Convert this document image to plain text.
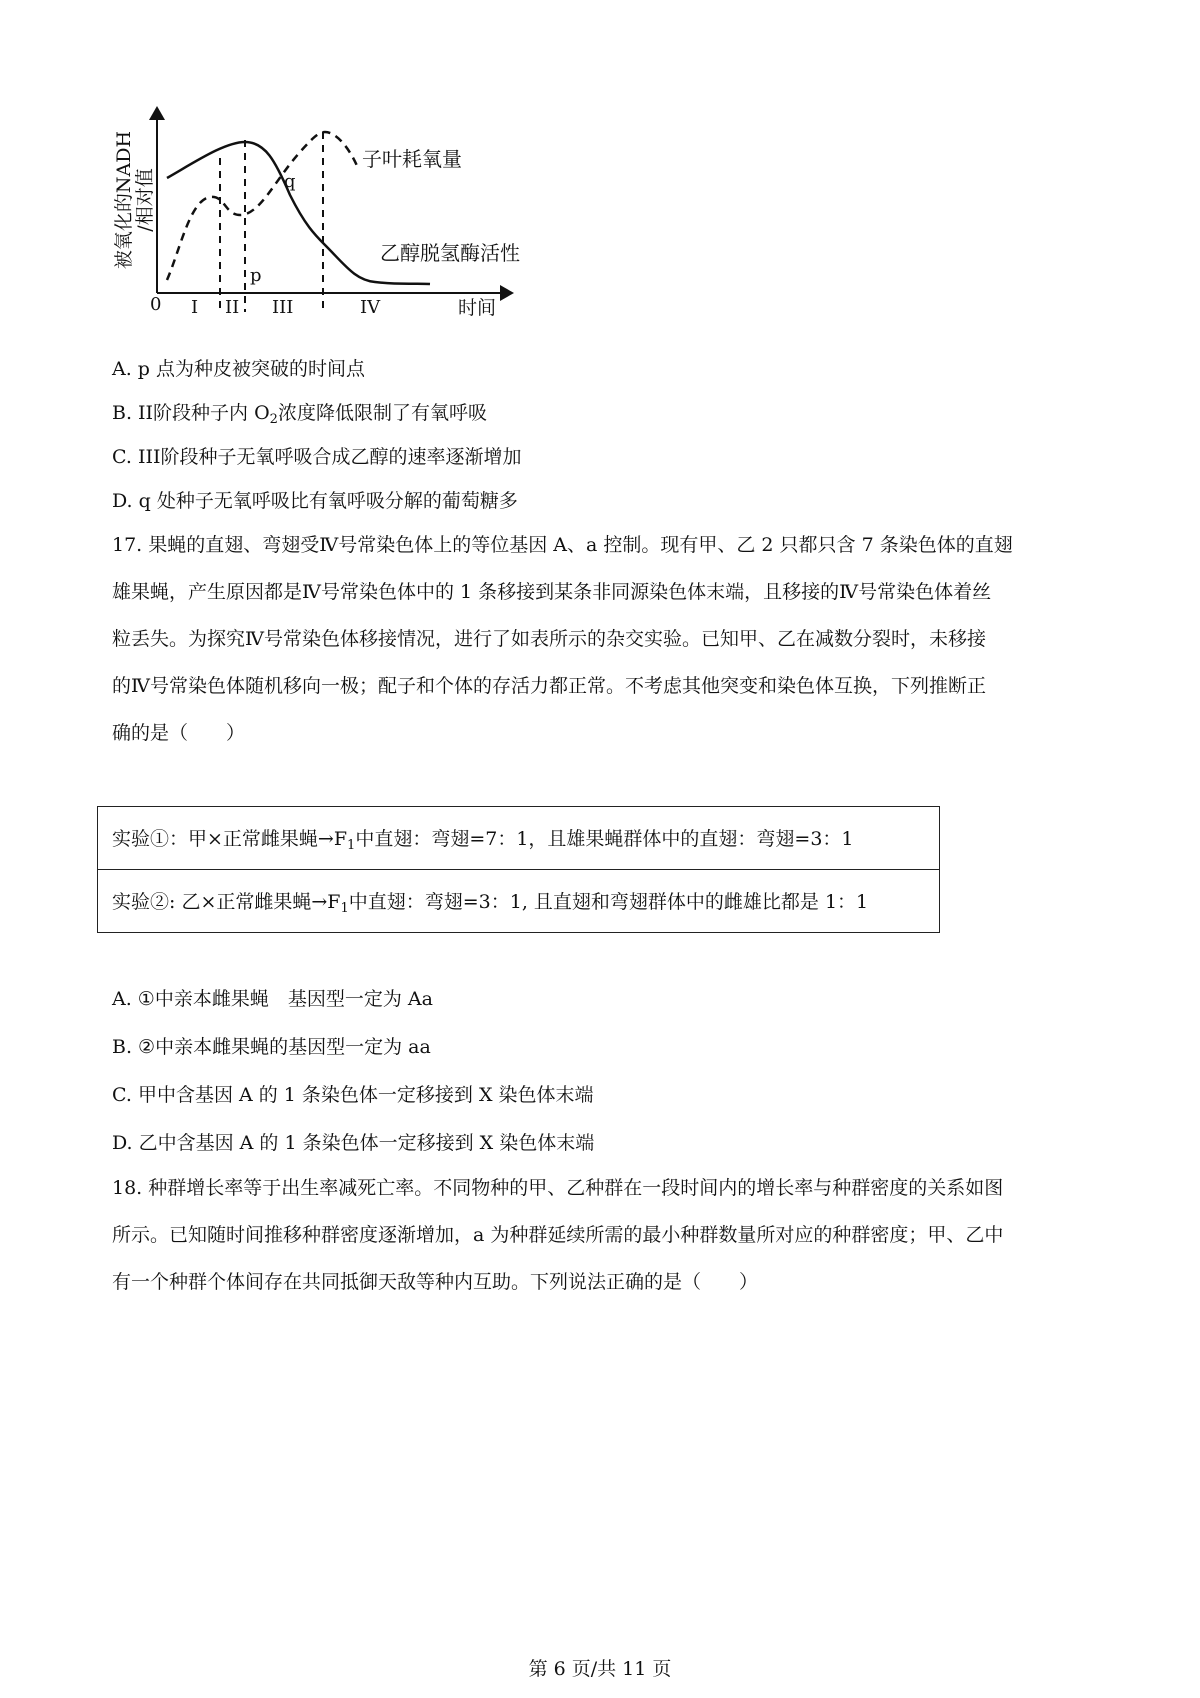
被氧化的NADH /相对值
0	时间
I II III	IV
子叶耗氧量
乙醇脱氢酶活性
q
p
A. p 点为种皮被突破的时间点
B. II阶段种子内 $O_2$浓度降低限制了有氧呼吸
C. III阶段种子无氧呼吸合成乙醇的速率逐渐增加
D. q 处种子无氧呼吸比有氧呼吸分解的葡萄糖多
17. 果蝇的直翅、弯翅受Ⅳ号常染色体上的等位基因 A、a 控制。现有甲、乙 2 只都只含 7 条染色体的直翅
雄果蝇，产生原因都是Ⅳ号常染色体中的 1 条移接到某条非同源染色体末端，且移接的Ⅳ号常染色体着丝
粒丢失。为探究Ⅳ号常染色体移接情况，进行了如表所示的杂交实验。已知甲、乙在减数分裂时，未移接
的Ⅳ号常染色体随机移向一极；配子和个体的存活力都正常。不考虑其他突变和染色体互换，下列推断正
确的是（　　）
实验①：甲×正常雌果蝇$\to F_1$中直翅：弯翅=7：1，且雄果蝇群体中的直翅：弯翅=3：1
实验②: 乙×正常雌果蝇$\to F_1$中直翅：弯翅=3：1, 且直翅和弯翅群体中的雌雄比都是 1：1
A. ①中亲本雌果蝇　基因型一定为 Aa
B. ②中亲本雌果蝇的基因型一定为 aa
C. 甲中含基因 A 的 1 条染色体一定移接到 X 染色体末端
D. 乙中含基因 A 的 1 条染色体一定移接到 X 染色体末端
18. 种群增长率等于出生率减死亡率。不同物种的甲、乙种群在一段时间内的增长率与种群密度的关系如图
所示。已知随时间推移种群密度逐渐增加，a 为种群延续所需的最小种群数量所对应的种群密度；甲、乙中
有一个种群个体间存在共同抵御天敌等种内互助。下列说法正确的是（　　）
第 6 页/共 11 页
